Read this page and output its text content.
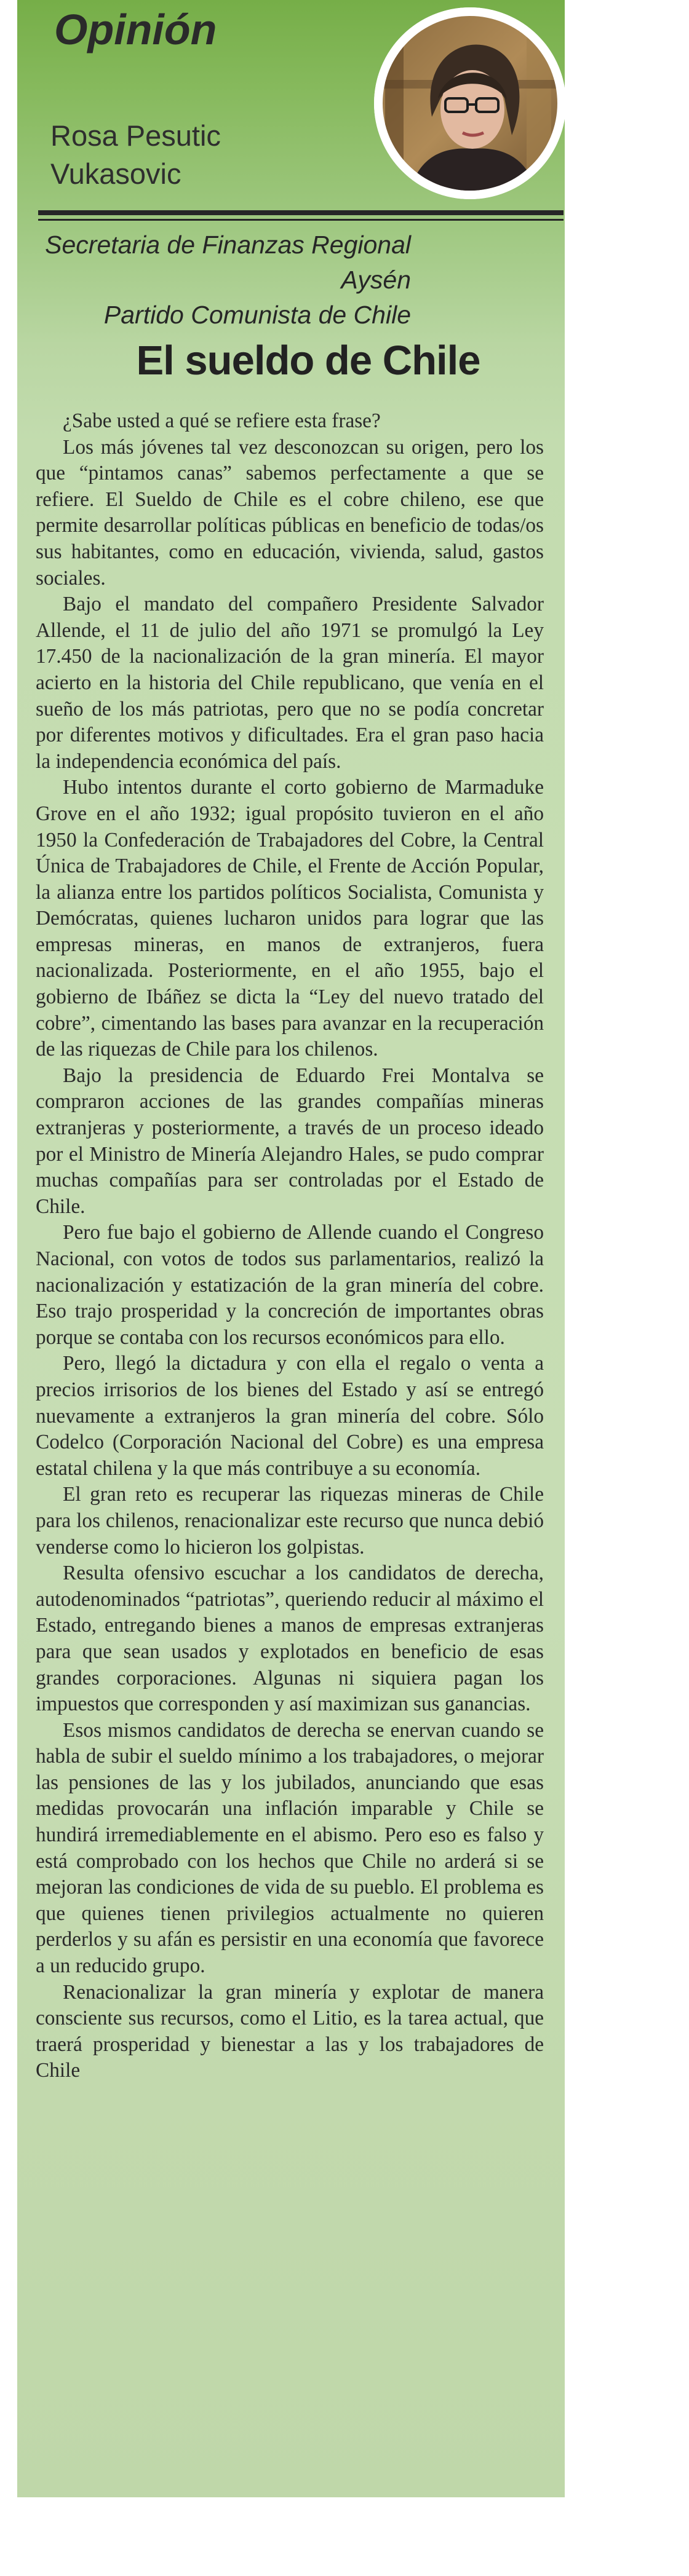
Opinión
Rosa Pesutic
Vukasovic
Secretaria de Finanzas Regional Aysén
Partido Comunista de Chile
El sueldo de Chile

¿Sabe usted a qué se refiere esta frase?

Los más jóvenes tal vez desconozcan su origen, pero los que “pintamos canas” sabemos perfectamente a que se refiere. El Sueldo de Chile es el cobre chileno, ese que permite desarrollar políticas públicas en beneficio de todas/os sus habitantes, como en educación, vivienda, salud, gastos sociales.

Bajo el mandato del compañero Presidente Salvador Allende, el 11 de julio del año 1971 se promulgó la Ley 17.450 de la nacionalización de la gran minería. El mayor acierto en la historia del Chile republicano, que venía en el sueño de los más patriotas, pero que no se podía concretar por diferentes motivos y dificultades. Era el gran paso hacia la independencia económica del país.

Hubo intentos durante el corto gobierno de Marmaduke Grove en el año 1932; igual propósito tuvieron en el año 1950 la Confederación de Trabajadores del Cobre, la Central Única de Trabajadores de Chile, el Frente de Acción Popular, la alianza entre los partidos políticos Socialista, Comunista y Demócratas, quienes lucharon unidos para lograr que las empresas mineras, en manos de extranjeros, fuera nacionalizada. Posteriormente, en el año 1955, bajo el gobierno de Ibáñez se dicta la “Ley del nuevo tratado del cobre”, cimentando las bases para avanzar en la recuperación de las riquezas de Chile para los chilenos.

Bajo la presidencia de Eduardo Frei Montalva se compraron acciones de las grandes compañías mineras extranjeras y posteriormente, a través de un proceso ideado por el Ministro de Minería Alejandro Hales, se pudo comprar muchas compañías para ser controladas por el Estado de Chile.

Pero fue bajo el gobierno de Allende cuando el Congreso Nacional, con votos de todos sus parlamentarios, realizó la nacionalización y estatización de la gran minería del cobre. Eso trajo prosperidad y la concreción de importantes obras porque se contaba con los recursos económicos para ello.

Pero, llegó la dictadura y con ella el regalo o venta a precios irrisorios de los bienes del Estado y así se entregó nuevamente a extranjeros la gran minería del cobre. Sólo Codelco (Corporación Nacional del Cobre) es una empresa estatal chilena y la que más contribuye a su economía.

El gran reto es recuperar las riquezas mineras de Chile para los chilenos, renacionalizar este recurso que nunca debió venderse como lo hicieron los golpistas.

Resulta ofensivo escuchar a los candidatos de derecha, autodenominados “patriotas”, queriendo reducir al máximo el Estado, entregando bienes a manos de empresas extranjeras para que sean usados y explotados en beneficio de esas grandes corporaciones. Algunas ni siquiera pagan los impuestos que corresponden y así maximizan sus ganancias.

Esos mismos candidatos de derecha se enervan cuando se habla de subir el sueldo mínimo a los trabajadores, o mejorar las pensiones de las y los jubilados, anunciando que esas medidas provocarán una inflación imparable y Chile se hundirá irremediablemente en el abismo. Pero eso es falso y está comprobado con los hechos que Chile no arderá si se mejoran las condiciones de vida de su pueblo. El problema es que quienes tienen privilegios actualmente no quieren perderlos y su afán es persistir en una economía que favorece a un reducido grupo.

Renacionalizar la gran minería y explotar de manera consciente sus recursos, como el Litio, es la tarea actual, que traerá prosperidad y bienestar a las y los trabajadores de Chile
